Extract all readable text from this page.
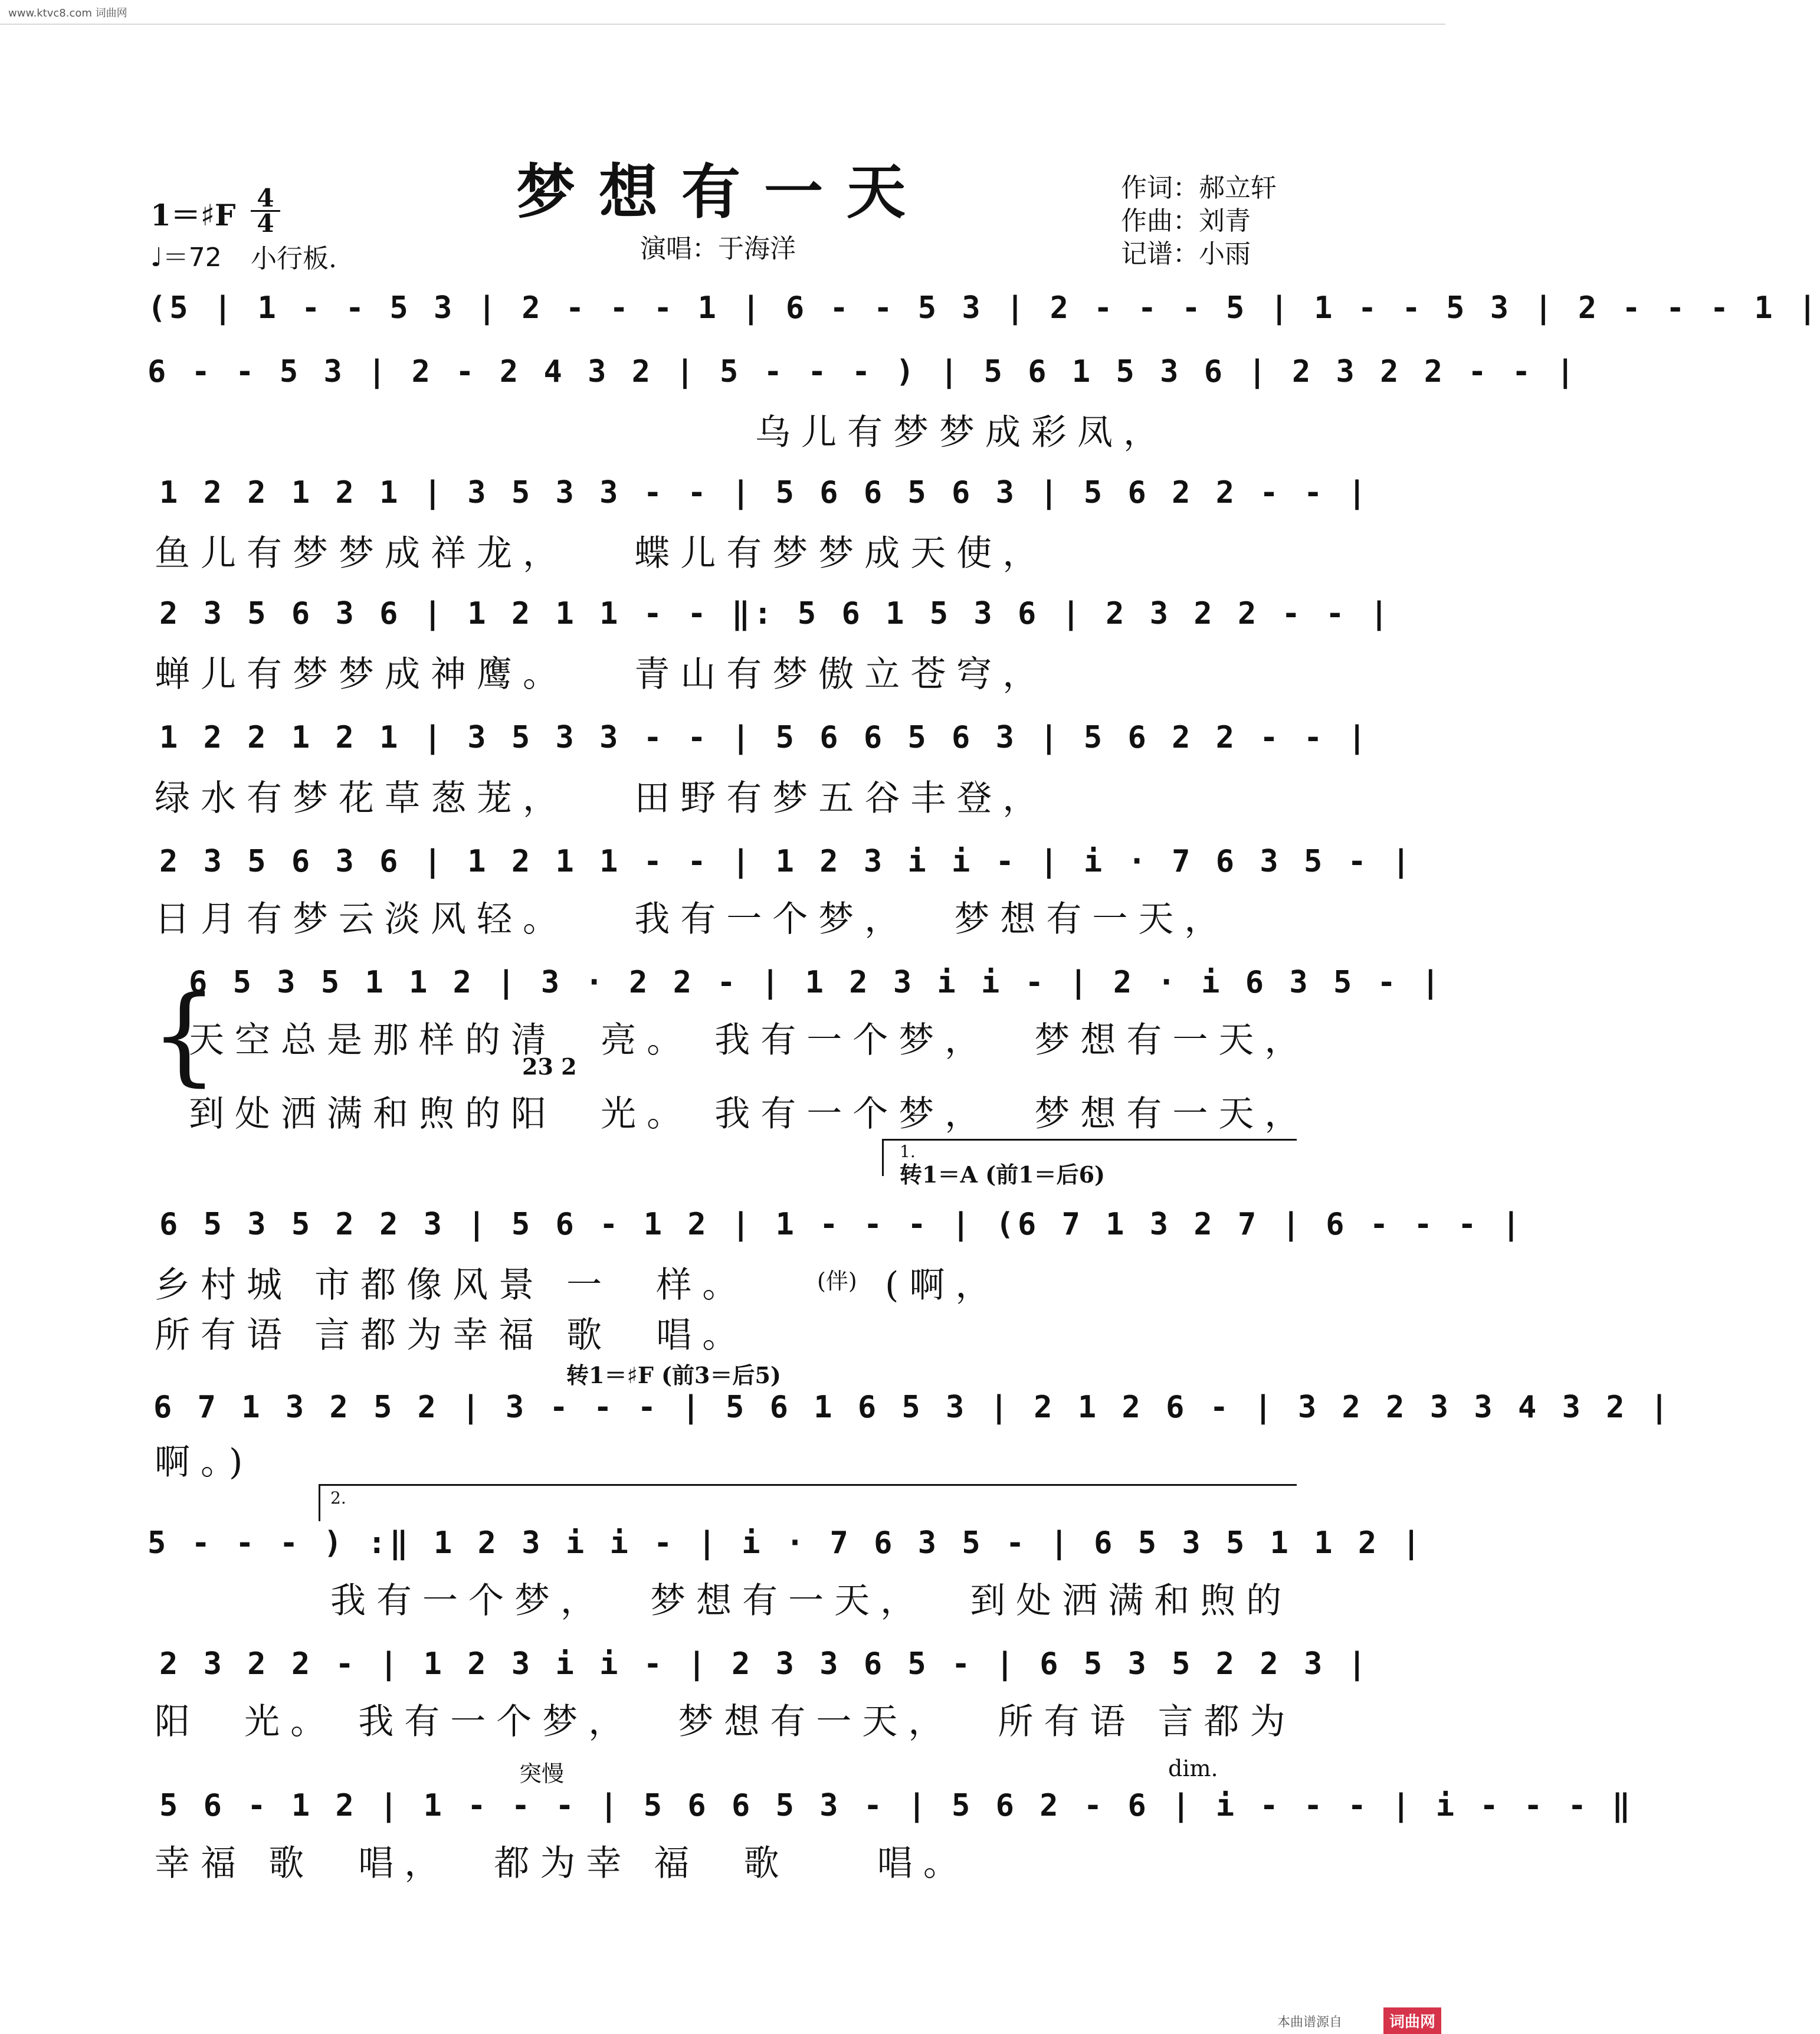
www.ktvc8.com 词曲网
梦想有一天	作词：郝立轩
作曲：刘青
记谱：小雨
演唱：于海洋
1＝♯F 4
4
♩＝72 小行板.
(5 | 1 - - 5 3 | 2 - - - 1 | 6 - - 5 3 | 2 - - - 5 | 1 - - 5 3 | 2 - - - 1 |
6 - - 5 3 | 2 - 2 4 3 2 | 5 - - - ) | 5 6 1 5 3 6 | 2 3 2 2 - - |
乌儿有梦梦成彩凤，
1 2 2 1 2 1 | 3 5 3 3 - - | 5 6 6 5 6 3 | 5 6 2 2 - - |
鱼儿有梦梦成祥龙，   蝶儿有梦梦成天使，
2 3 5 6 3 6 | 1 2 1 1 - - ‖: 5 6 1 5 3 6 | 2 3 2 2 - - |
蝉儿有梦梦成神鹰。   青山有梦傲立苍穹，
1 2 2 1 2 1 | 3 5 3 3 - - | 5 6 6 5 6 3 | 5 6 2 2 - - |
绿水有梦花草葱茏，   田野有梦五谷丰登，
2 3 5 6 3 6 | 1 2 1 1 - - | 1 2 3 i i - | i · 7 6 3 5 - |
日月有梦云淡风轻。   我有一个梦，  梦想有一天，
6 5 3 5 1 1 2 | 3 · 2 2 - | 1 2 3 i i - | 2 · i 6 3 5 - |
{
天空总是那样的清  亮。 我有一个梦，  梦想有一天，
23 2
到处洒满和煦的阳  光。 我有一个梦，  梦想有一天，
1.
转1＝A (前1＝后6)
6 5 3 5 2 2 3 | 5 6 - 1 2 | 1 - - - | (6 7 1 3 2 7 | 6 - - - |
乡村城 市都像风景 一  样。	(伴) (啊，
所有语 言都为幸福 歌  唱。
转1＝♯F (前3＝后5)
6 7 1 3 2 5 2 | 3 - - - | 5 6 1 6 5 3 | 2 1 2 6 - | 3 2 2 3 3 4 3 2 |
啊。)
2.
5 - - - ) :‖ 1 2 3 i i - | i · 7 6 3 5 - | 6 5 3 5 1 1 2 |
我有一个梦，  梦想有一天，  到处洒满和煦的
2 3 2 2 - | 1 2 3 i i - | 2 3 3 6 5 - | 6 5 3 5 2 2 3 |
阳  光。 我有一个梦，  梦想有一天，  所有语 言都为
突慢	dim.
5 6 - 1 2 | 1 - - - | 5 6 6 5 3 - | 5 6 2 - 6 | i - - - | i - - - ‖
幸福 歌  唱，  都为幸 福  歌    唱。
本曲谱源自	词曲网
